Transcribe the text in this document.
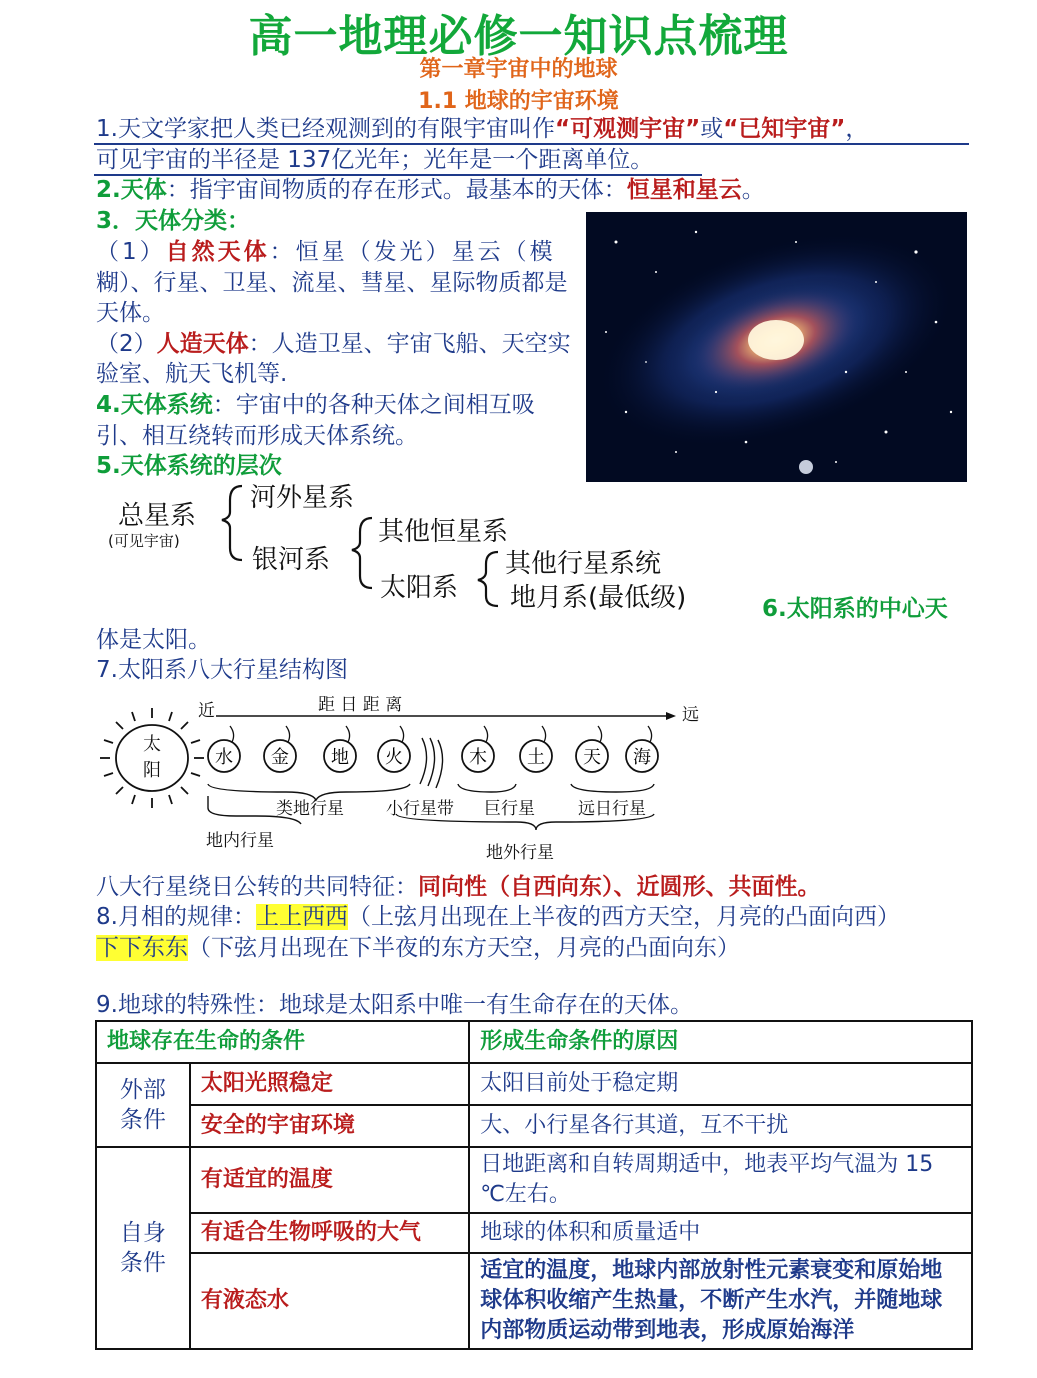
高一地理必修一知识点梳理
第一章宇宙中的地球
1.1 地球的宇宙环境
1.天文学家把人类已经观测到的有限宇宙叫作“可观测宇宙”或“已知宇宙”，
可见宇宙的半径是 137亿光年；光年是一个距离单位。
2.天体：指宇宙间物质的存在形式。最基本的天体：恒星和星云。
3．天体分类：
（1）自然天体：恒星（发光）星云（模
糊）、行星、卫星、流星、彗星、星际物质都是
天体。
（2）人造天体：人造卫星、宇宙飞船、天空实
验室、航天飞机等.
4.天体系统：宇宙中的各种天体之间相互吸
引、相互绕转而形成天体系统。
5.天体系统的层次
总星系
(可见宇宙)
河外星系
银河系
其他恒星系
太阳系
其他行星系统
地月系(最低级)	6.太阳系的中心天
体是太阳。
7.太阳系八大行星结构图
近	距 日 距 离	远
太
阳
水 金 地 火	木 土 天 海
类地行星 小行星带 巨行星	远日行星
地内行星
地外行星
八大行星绕日公转的共同特征：同向性（自西向东）、近圆形、共面性。
8.月相的规律：上上西西（上弦月出现在上半夜的西方天空，月亮的凸面向西）
下下东东（下弦月出现在下半夜的东方天空，月亮的凸面向东）
9.地球的特殊性：地球是太阳系中唯一有生命存在的天体。
地球存在生命的条件		形成生命条件的原因

外部
条件	太阳光照稳定	太阳目前处于稳定期
	安全的宇宙环境	大、小行星各行其道，互不干扰

自身
条件	有适宜的温度	日地距离和自转周期适中，地表平均气温为 15 ℃左右。
	有适合生物呼吸的大气	地球的体积和质量适中
	有液态水	适宜的温度，地球内部放射性元素衰变和原始地球体积收缩产生热量，不断产生水汽，并随地球内部物质运动带到地表，形成原始海洋
